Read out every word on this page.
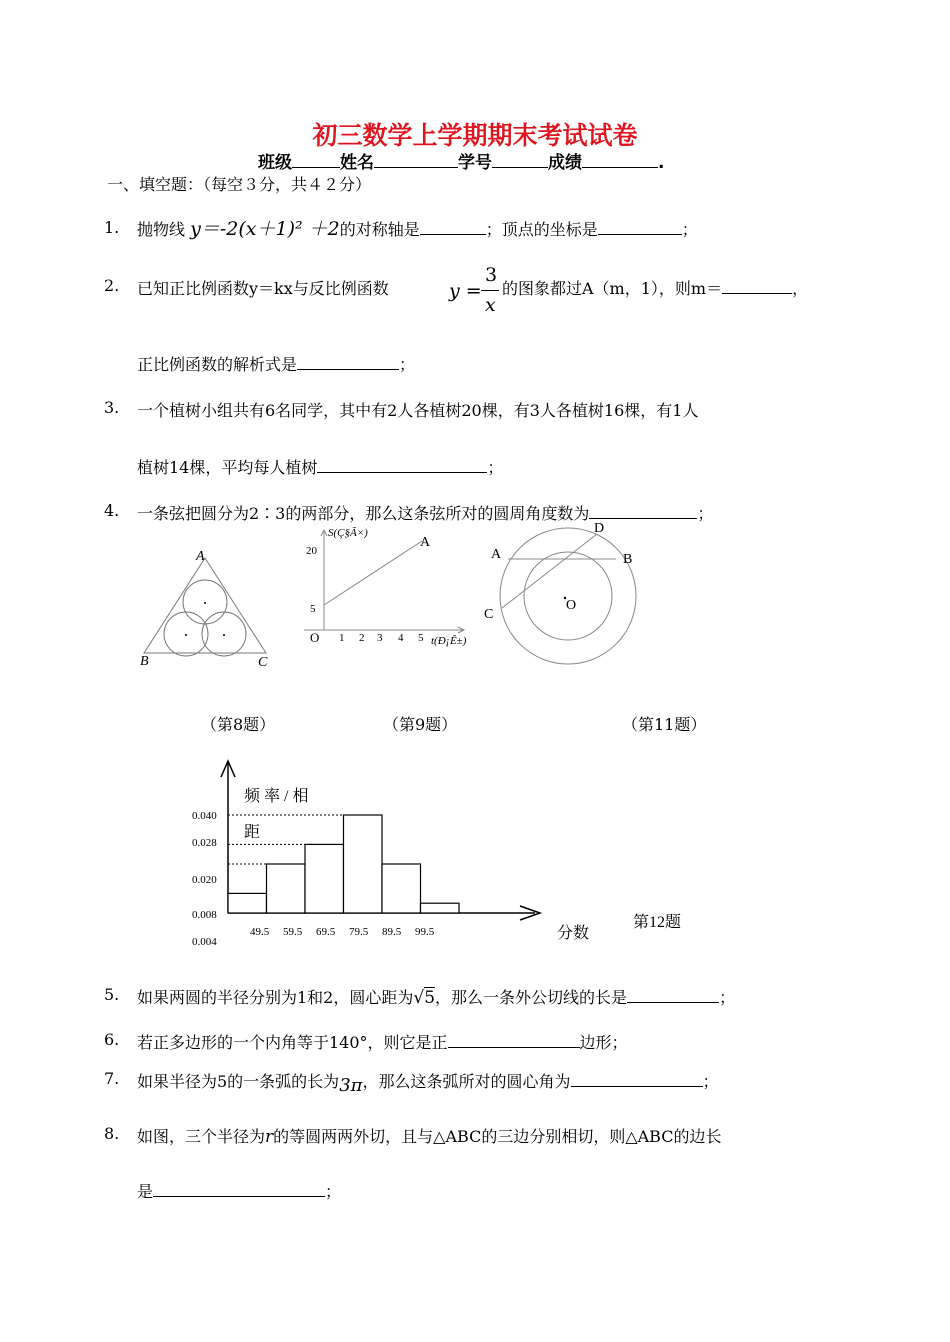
初三数学上学期期末考试试卷
班级	姓名	学号	成绩	.
一、填空题：（每空３分，共４２分）
1. 抛物线 y＝-2(x＋1)² ＋2的对称轴是	；顶点的坐标是	；
2. 已知正比例函数y＝kx与反比例函数	y =
3
x
的图象都过A（m，1），则m＝	，
正比例函数的解析式是	；
3. 一个植树小组共有6名同学，其中有2人各植树20棵，有3人各植树16棵，有1人
植树14棵，平均每人植树	；
4. 一条弦把圆分为2∶3的两部分，那么这条弦所对的圆周角度数为	；
A
B	C
S(Ç§Ã×)
20
5
O 1 2 3 4 5 t(Ð¡Ê±)
A
A	B
C
D
O
（第8题）	（第9题）	（第11题）
0.040
0.028
0.020
0.008
0.004
49.5 59.5 69.5 79.5 89.5 99.5
频 率 / 相
距
分数
第12题
5. 如果两圆的半径分别为1和2，圆心距为√5，那么一条外公切线的长是	；
6. 若正多边形的一个内角等于140°，则它是正	边形；
7. 如果半径为5的一条弧的长为3π，那么这条弧所对的圆心角为	；
8. 如图，三个半径为r的等圆两两外切，且与△ABC的三边分别相切，则△ABC的边长
是	；
